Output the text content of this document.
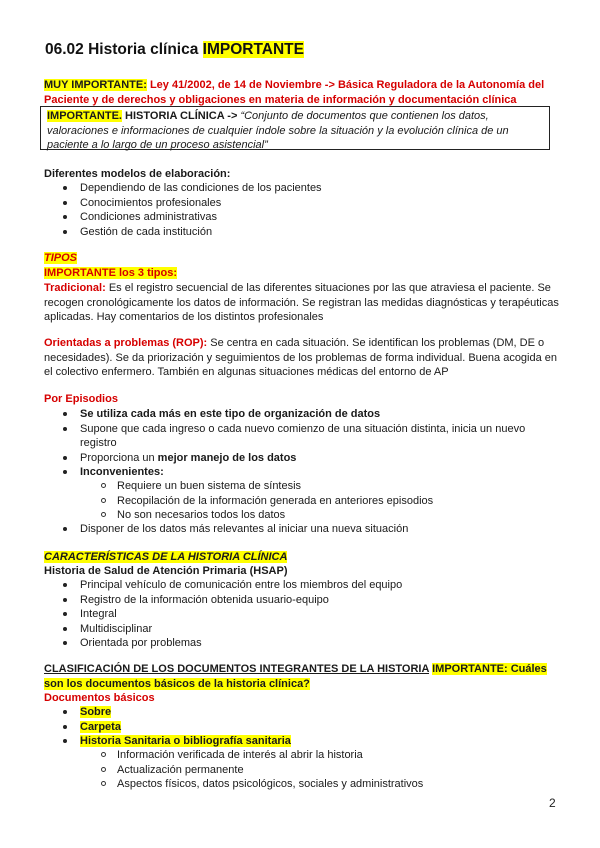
06.02 Historia clínica IMPORTANTE

MUY IMPORTANTE: Ley 41/2002, de 14 de Noviembre -> Básica Reguladora de la Autonomía del Paciente y de derechos y obligaciones en materia de información y documentación clínica

IMPORTANTE. HISTORIA CLÍNICA -> “Conjunto de documentos que contienen los datos, valoraciones e informaciones de cualquier índole sobre la situación y la evolución clínica de un paciente a lo largo de un proceso asistencial”

Diferentes modelos de elaboración:

Dependiendo de las condiciones de los pacientes
Conocimientos profesionales
Condiciones administrativas
Gestión de cada institución

TIPOS

IMPORTANTE los 3 tipos:

Tradicional: Es el registro secuencial de las diferentes situaciones por las que atraviesa el paciente. Se recogen cronológicamente los datos de información. Se registran las medidas diagnósticas y terapéuticas aplicadas. Hay comentarios de los distintos profesionales

Orientadas a problemas (ROP): Se centra en cada situación. Se identifican los problemas (DM, DE o necesidades). Se da priorización y seguimientos de los problemas de forma individual. Buena acogida en el colectivo enfermero. También en algunas situaciones médicas del entorno de AP

Por Episodios

Se utiliza cada más en este tipo de organización de datos
Supone que cada ingreso o cada nuevo comienzo de una situación distinta, inicia un nuevo registro
Proporciona un mejor manejo de los datos
Inconvenientes:
Requiere un buen sistema de síntesis
Recopilación de la información generada en anteriores episodios
No son necesarios todos los datos
Disponer de los datos más relevantes al iniciar una nueva situación

CARACTERÍSTICAS DE LA HISTORIA CLÍNICA

Historia de Salud de Atención Primaria (HSAP)

Principal vehículo de comunicación entre los miembros del equipo
Registro de la información obtenida usuario-equipo
Integral
Multidisciplinar
Orientada por problemas

CLASIFICACIÓN DE LOS DOCUMENTOS INTEGRANTES DE LA HISTORIA IMPORTANTE: Cuáles son los documentos básicos de la historia clínica?

Documentos básicos

Sobre
Carpeta
Historia Sanitaria o bibliografía sanitaria
Información verificada de interés al abrir la historia
Actualización permanente
Aspectos físicos, datos psicológicos, sociales y administrativos
2
